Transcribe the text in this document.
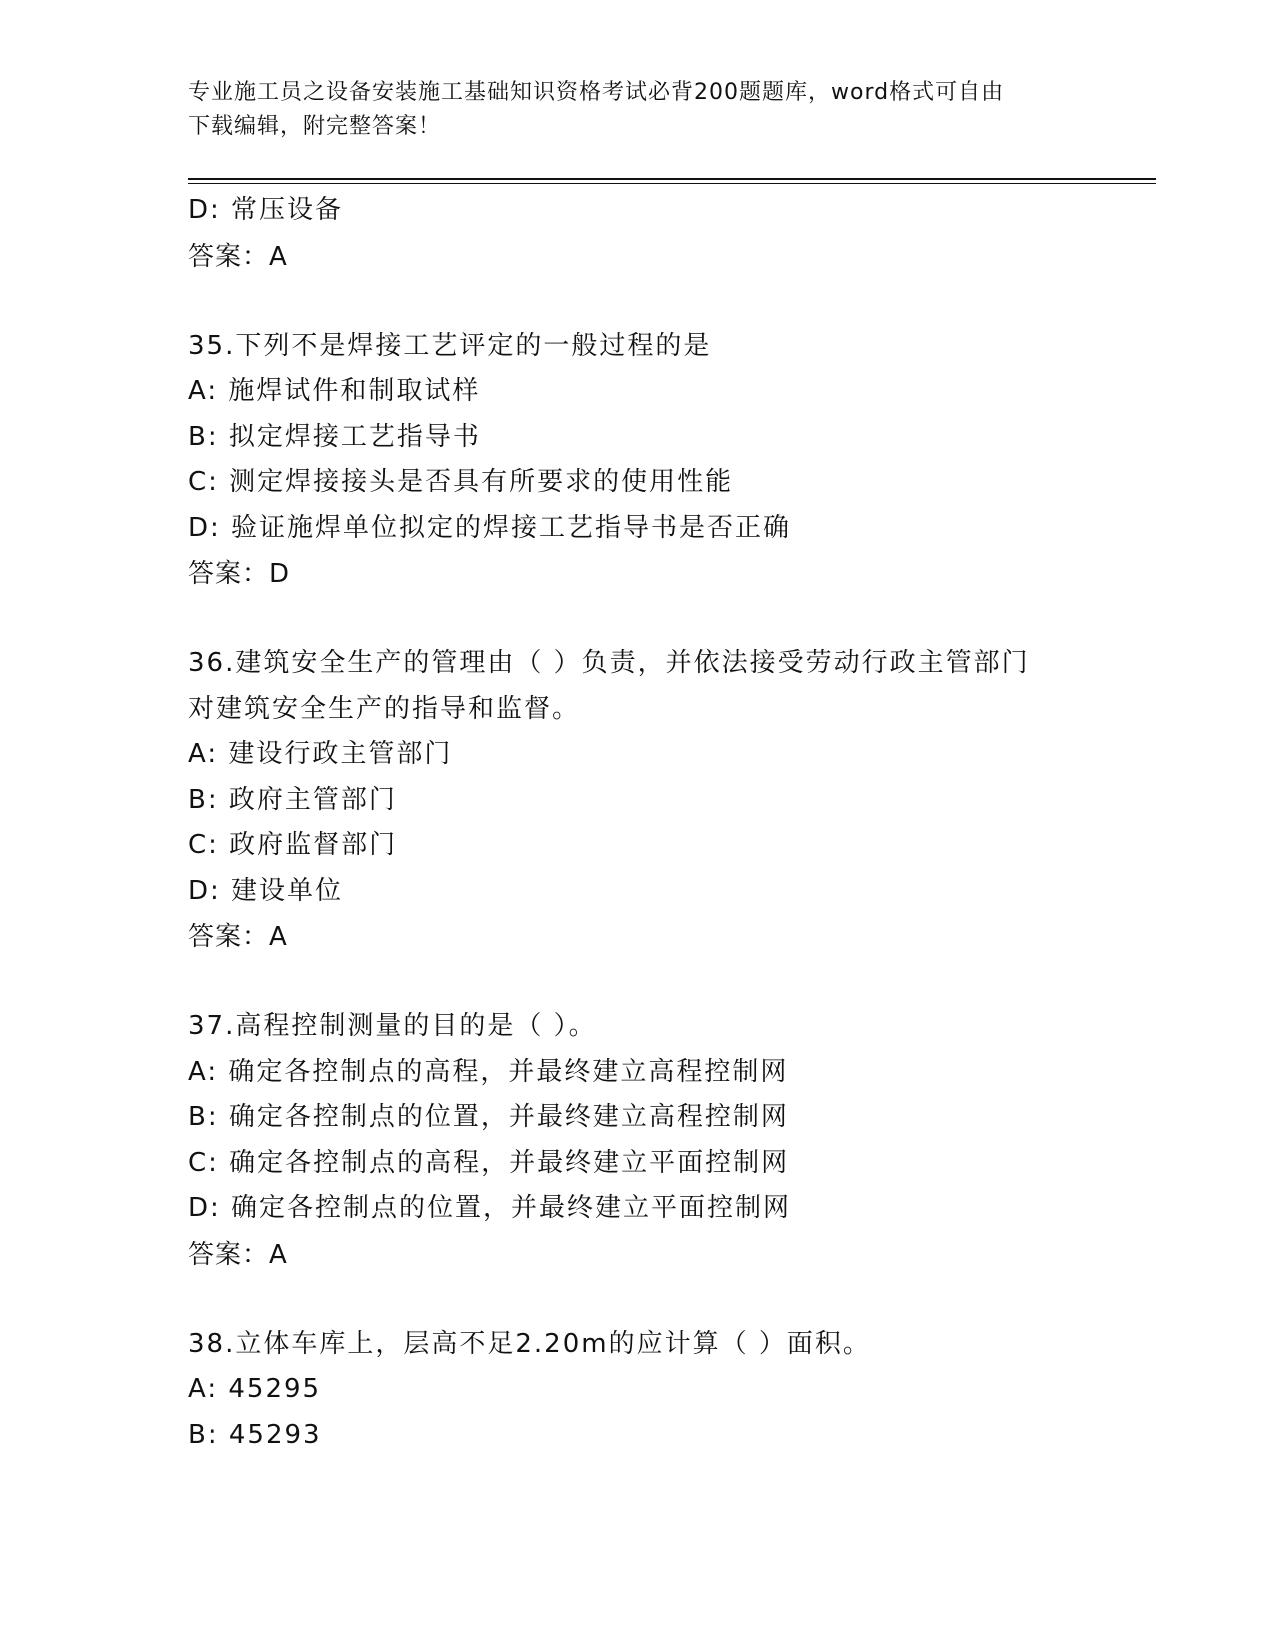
专业施工员之设备安装施工基础知识资格考试必背200题题库，word格式可自由
下载编辑，附完整答案！
D: 常压设备
答案：A
35.下列不是焊接工艺评定的一般过程的是
A: 施焊试件和制取试样
B: 拟定焊接工艺指导书
C: 测定焊接接头是否具有所要求的使用性能
D: 验证施焊单位拟定的焊接工艺指导书是否正确
答案：D
36.建筑安全生产的管理由（ ）负责，并依法接受劳动行政主管部门
对建筑安全生产的指导和监督。
A: 建设行政主管部门
B: 政府主管部门
C: 政府监督部门
D: 建设单位
答案：A
37.高程控制测量的目的是（ ）。
A: 确定各控制点的高程，并最终建立高程控制网
B: 确定各控制点的位置，并最终建立高程控制网
C: 确定各控制点的高程，并最终建立平面控制网
D: 确定各控制点的位置，并最终建立平面控制网
答案：A
38.立体车库上，层高不足2.20m的应计算（ ）面积。
A: 45295
B: 45293
